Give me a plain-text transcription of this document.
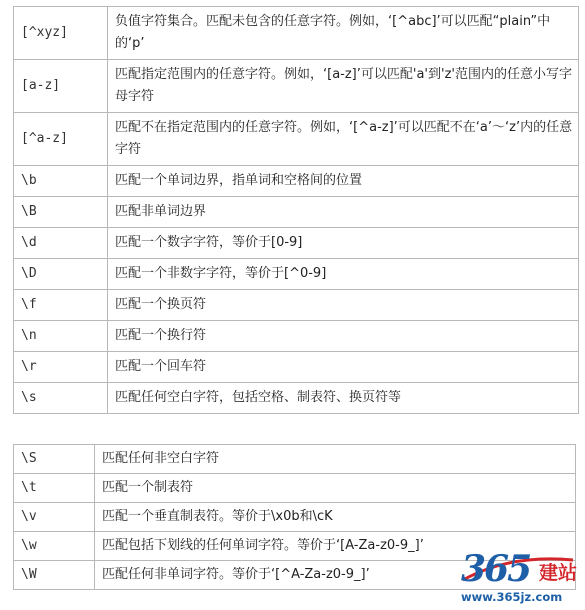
[^xyz]	负值字符集合。匹配未包含的任意字符。例如，‘[^abc]’可以匹配“plain”中的‘p’
[a-z]	匹配指定范围内的任意字符。例如，‘[a-z]’可以匹配'a'到'z'范围内的任意小写字母字符
[^a-z]	匹配不在指定范围内的任意字符。例如，‘[^a-z]’可以匹配不在‘a’～‘z’内的任意字符
\b	匹配一个单词边界，指单词和空格间的位置
\B	匹配非单词边界
\d	匹配一个数字字符，等价于[0-9]
\D	匹配一个非数字字符，等价于[^0-9]
\f	匹配一个换页符
\n	匹配一个换行符
\r	匹配一个回车符
\s	匹配任何空白字符，包括空格、制表符、换页符等
\S	匹配任何非空白字符
\t	匹配一个制表符
\v	匹配一个垂直制表符。等价于\x0b和\cK
\w	匹配包括下划线的任何单词字符。等价于‘[A-Za-z0-9_]’
\W	匹配任何非单词字符。等价于‘[^A-Za-z0-9_]’	365 建站
www.365jz.com
